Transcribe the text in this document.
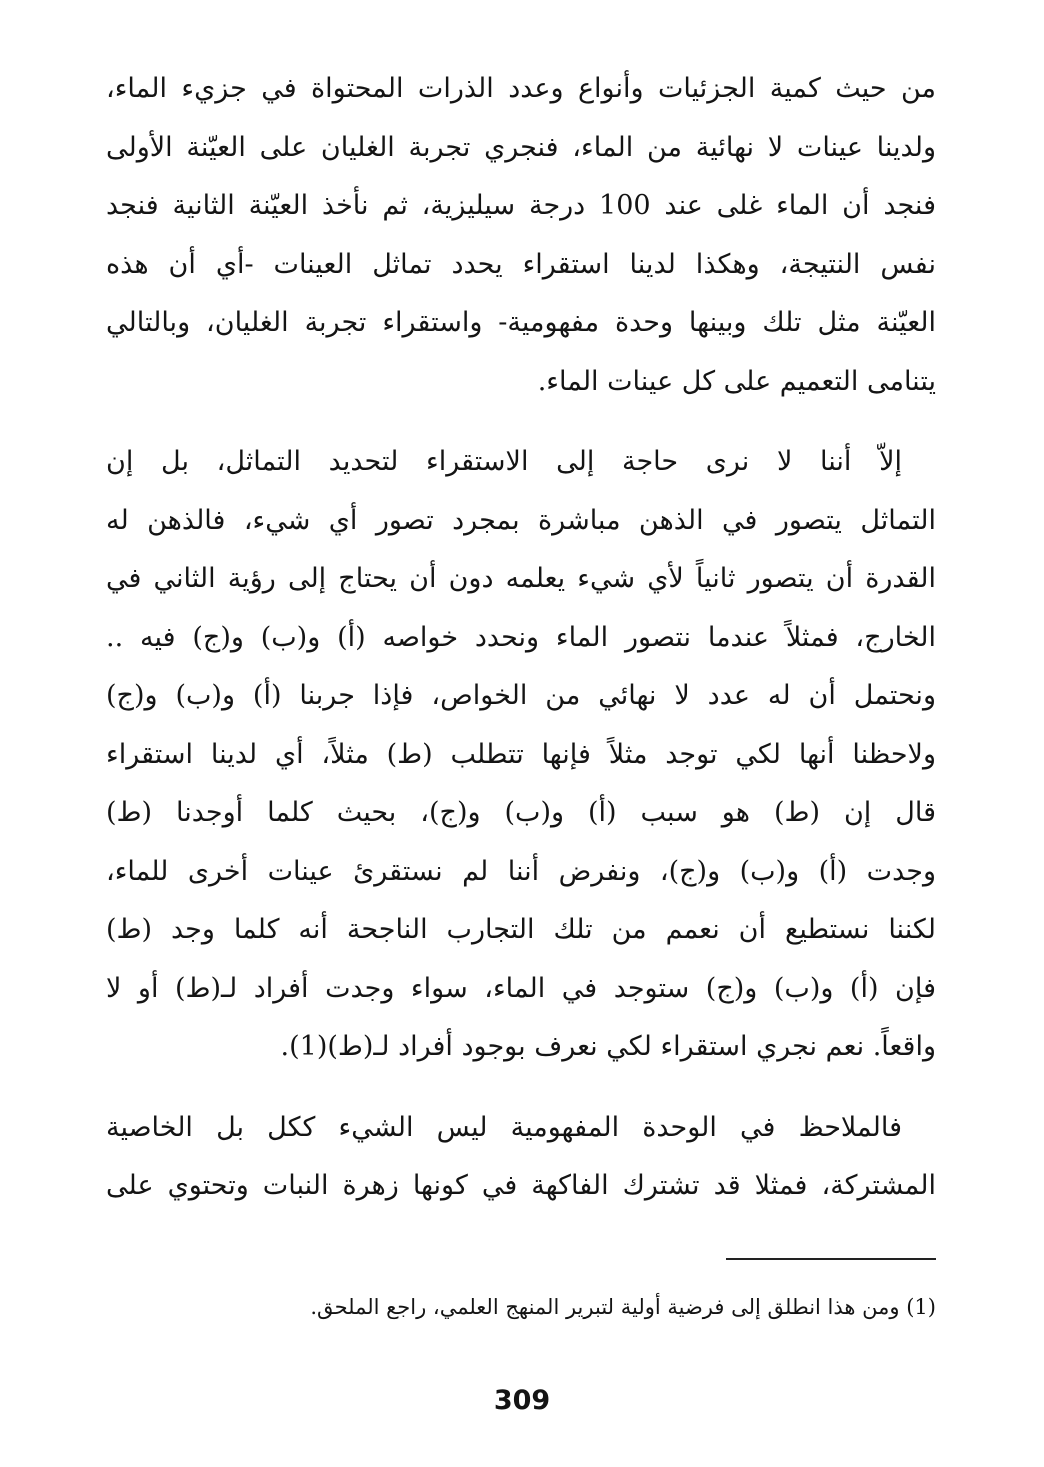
من حيث كمية الجزئيات وأنواع وعدد الذرات المحتواة في جزيء الماء،
ولدينا عينات لا نهائية من الماء، فنجري تجربة الغليان على العيّنة الأولى
فنجد أن الماء غلى عند 100 درجة سيليزية، ثم نأخذ العيّنة الثانية فنجد
نفس النتيجة، وهكذا لدينا استقراء يحدد تماثل العينات -أي أن هذه
العيّنة مثل تلك وبينها وحدة مفهومية- واستقراء تجربة الغليان، وبالتالي
يتنامى التعميم على كل عينات الماء.
إلاّ أننا لا نرى حاجة إلى الاستقراء لتحديد التماثل، بل إن
التماثل يتصور في الذهن مباشرة بمجرد تصور أي شيء، فالذهن له
القدرة أن يتصور ثانياً لأي شيء يعلمه دون أن يحتاج إلى رؤية الثاني في
الخارج، فمثلاً عندما نتصور الماء ونحدد خواصه (أ) و(ب) و(ج) فيه ..
ونحتمل أن له عدد لا نهائي من الخواص، فإذا جربنا (أ) و(ب) و(ج)
ولاحظنا أنها لكي توجد مثلاً فإنها تتطلب (ط) مثلاً، أي لدينا استقراء
قال إن (ط) هو سبب (أ) و(ب) و(ج)، بحيث كلما أوجدنا (ط)
وجدت (أ) و(ب) و(ج)، ونفرض أننا لم نستقرئ عينات أخرى للماء،
لكننا نستطيع أن نعمم من تلك التجارب الناجحة أنه كلما وجد (ط)
فإن (أ) و(ب) و(ج) ستوجد في الماء، سواء وجدت أفراد لـ(ط) أو لا
واقعاً. نعم نجري استقراء لكي نعرف بوجود أفراد لـ(ط)(1).
فالملاحظ في الوحدة المفهومية ليس الشيء ككل بل الخاصية
المشتركة، فمثلا قد تشترك الفاكهة في كونها زهرة النبات وتحتوي على
(1) ومن هذا انطلق إلى فرضية أولية لتبرير المنهج العلمي، راجع الملحق.
309
